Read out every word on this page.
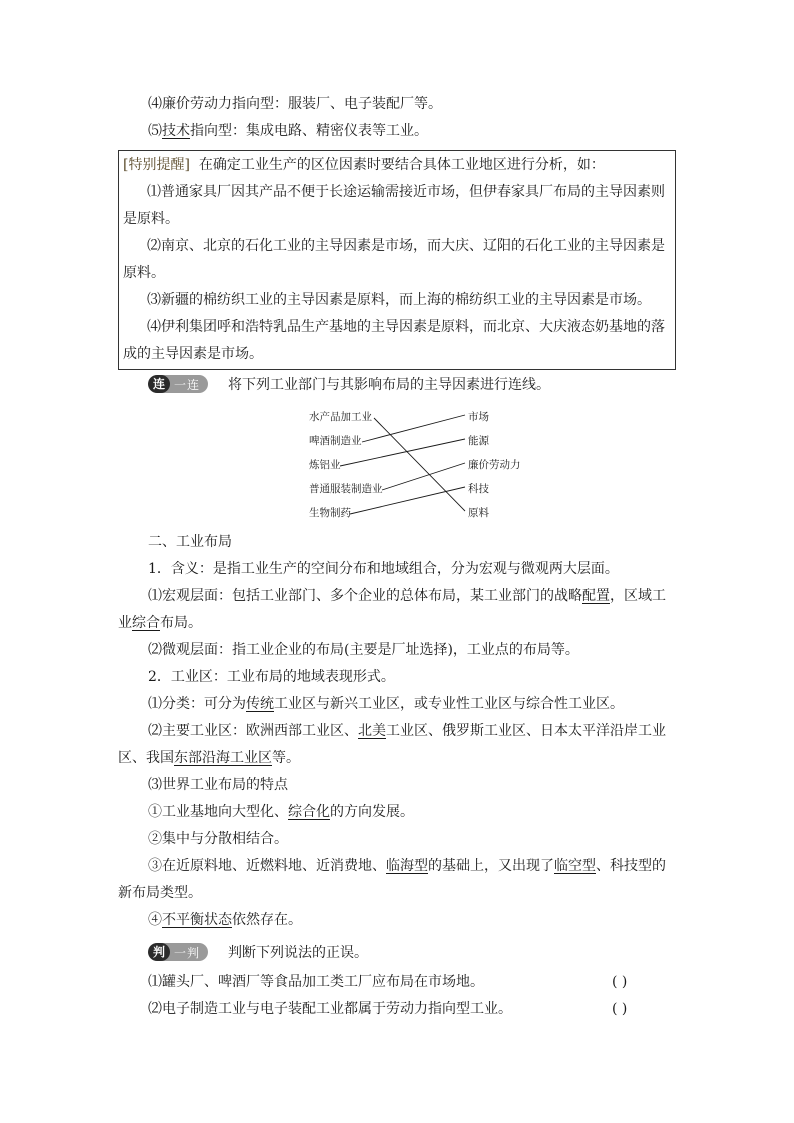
⑷廉价劳动力指向型：服装厂、电子装配厂等。

⑸技术指向型：集成电路、精密仪表等工业。

[特别提醒] 在确定工业生产的区位因素时要结合具体工业地区进行分析，如：

⑴普通家具厂因其产品不便于长途运输需接近市场，但伊春家具厂布局的主导因素则是原料。

⑵南京、北京的石化工业的主导因素是市场，而大庆、辽阳的石化工业的主导因素是原料。

⑶新疆的棉纺织工业的主导因素是原料，而上海的棉纺织工业的主导因素是市场。

⑷伊利集团呼和浩特乳品生产基地的主导因素是原料，而北京、大庆液态奶基地的落成的主导因素是市场。

连 一连	将下列工业部门与其影响布局的主导因素进行连线。

水产品加工业
啤酒制造业
炼铝业
普通服装制造业
生物制药
市场
能源
廉价劳动力
科技
原料

二、工业布局

1．含义：是指工业生产的空间分布和地域组合，分为宏观与微观两大层面。

⑴宏观层面：包括工业部门、多个企业的总体布局，某工业部门的战略配置，区域工业综合布局。

⑵微观层面：指工业企业的布局(主要是厂址选择)，工业点的布局等。

2．工业区：工业布局的地域表现形式。

⑴分类：可分为传统工业区与新兴工业区，或专业性工业区与综合性工业区。

⑵主要工业区：欧洲西部工业区、北美工业区、俄罗斯工业区、日本太平洋沿岸工业区、我国东部沿海工业区等。

⑶世界工业布局的特点

①工业基地向大型化、综合化的方向发展。

②集中与分散相结合。

③在近原料地、近燃料地、近消费地、临海型的基础上，又出现了临空型、科技型的新布局类型。

④不平衡状态依然存在。

判 一判	判断下列说法的正误。

⑴罐头厂、啤酒厂等食品加工类工厂应布局在市场地。	( )

⑵电子制造工业与电子装配工业都属于劳动力指向型工业。	( )
